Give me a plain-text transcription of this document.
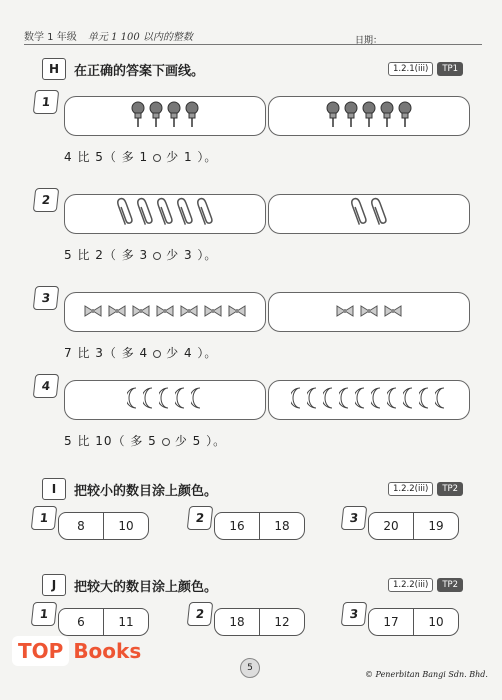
数学 1 年级 单元 1 100 以内的整数	日期：
H	在正确的答案下画线。	1.2.1(iii)	TP1
1
4 比 5（ 多 1 少 1 ）。
2
5 比 2（ 多 3 少 3 ）。
3
7 比 3（ 多 4 少 4 ）。
4
5 比 10（ 多 5 少 5 ）。
I	把较小的数目涂上颜色。	1.2.2(iii)	TP2
1
8	10
2
16	18
3
20	19
J	把较大的数目涂上颜色。	1.2.2(iii)	TP2
1
6	11
2
18	12
3
17	10
5
© Penerbitan Bangi Sdn. Bhd.
TOP Books
